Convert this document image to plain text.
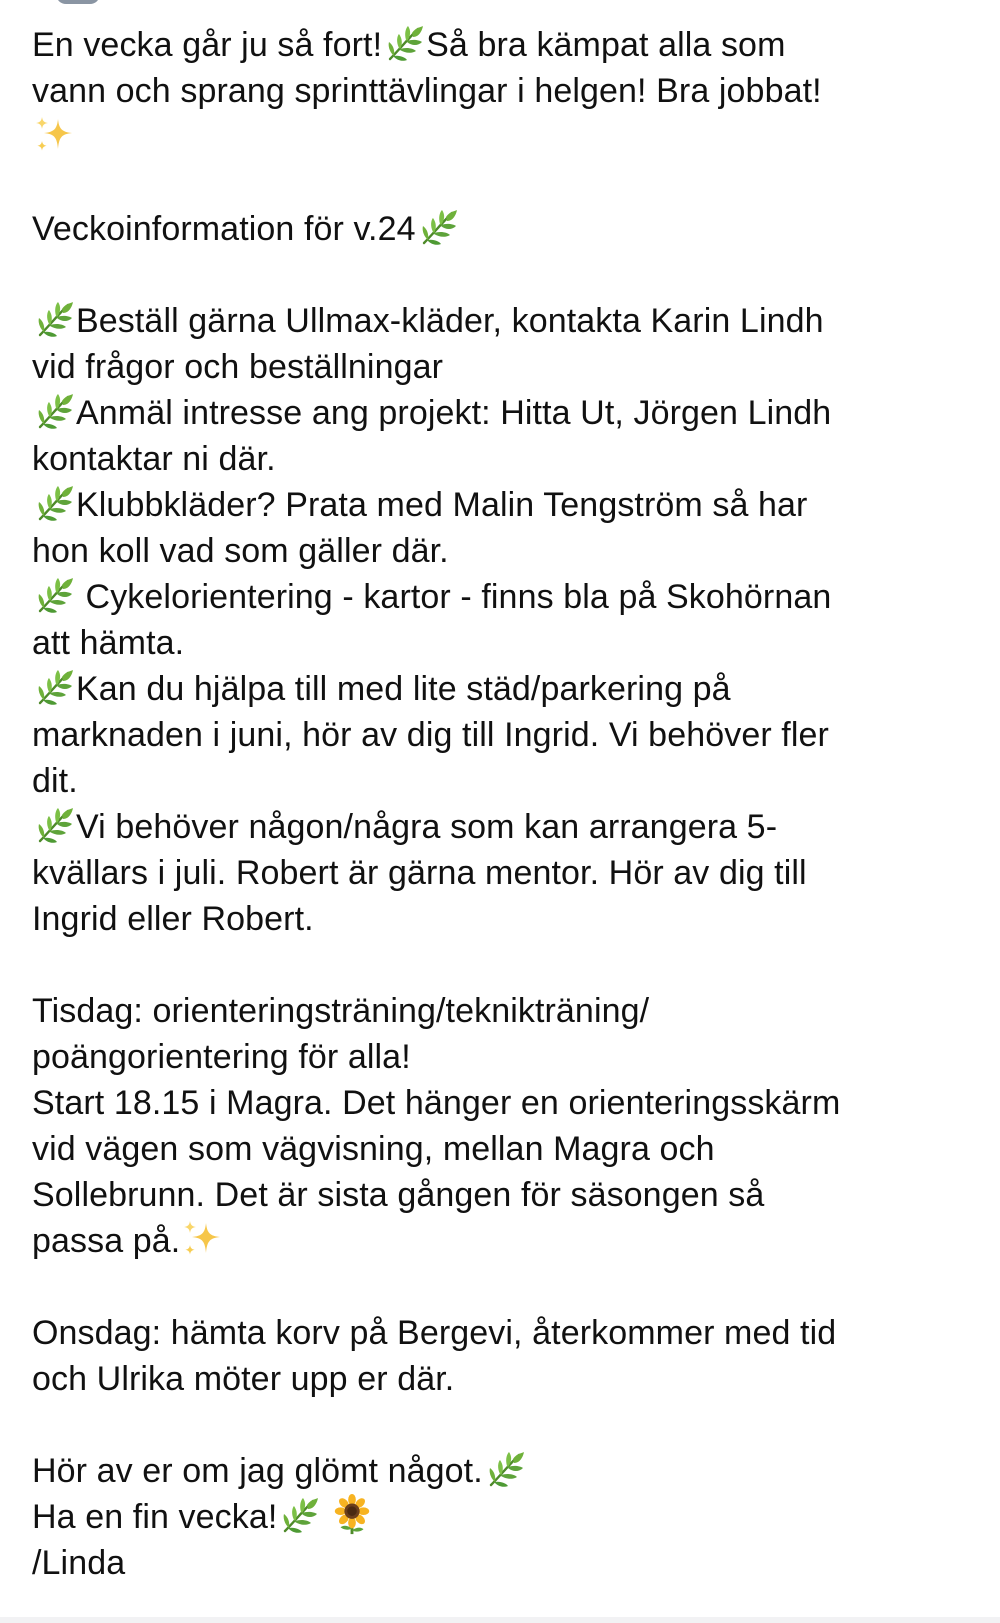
En vecka går ju så fort! Så bra kämpat alla som
vann och sprang sprinttävlingar i helgen! Bra jobbat!
Veckoinformation för v.24
Beställ gärna Ullmax-kläder, kontakta Karin Lindh
vid frågor och beställningar
Anmäl intresse ang projekt: Hitta Ut, Jörgen Lindh
kontaktar ni där.
Klubbkläder? Prata med Malin Tengström så har
hon koll vad som gäller där.
Cykelorientering - kartor - finns bla på Skohörnan
att hämta.
Kan du hjälpa till med lite städ/parkering på
marknaden i juni, hör av dig till Ingrid. Vi behöver fler
dit.
Vi behöver någon/några som kan arrangera 5-
kvällars i juli. Robert är gärna mentor. Hör av dig till
Ingrid eller Robert.
Tisdag: orienteringsträning/teknikträning/
poängorientering för alla!
Start 18.15 i Magra. Det hänger en orienteringsskärm
vid vägen som vägvisning, mellan Magra och
Sollebrunn. Det är sista gången för säsongen så
passa på.
Onsdag: hämta korv på Bergevi, återkommer med tid
och Ulrika möter upp er där.
Hör av er om jag glömt något.
Ha en fin vecka!
/Linda
